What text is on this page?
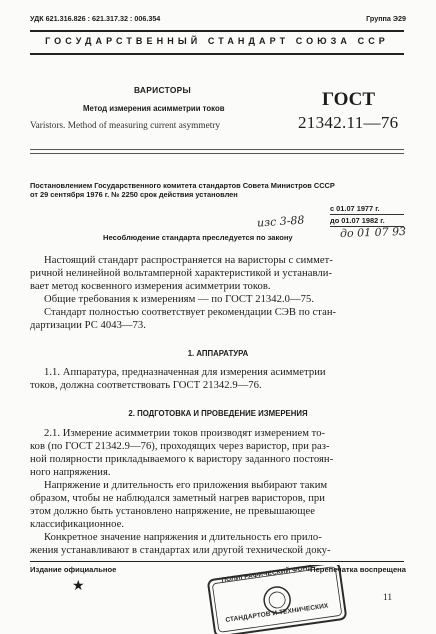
УДК 621.316.826 : 621.317.32 : 006.354	Группа Э29
ГОСУДАРСТВЕННЫЙ СТАНДАРТ СОЮЗА ССР
ВАРИСТОРЫ
Метод измерения асимметрии токов
Varistors. Method of measuring current asymmetry
ГОСТ
21342.11—76
Постановлением Государственного комитета стандартов Совета Министров СССР
от 29 сентября 1976 г. № 2250 срок действия установлен
с 01.07 1977 г.
до 01.07 1982 г.
изс 3-88
до 01 07 93
Несоблюдение стандарта преследуется по закону
Настоящий стандарт распространяется на варисторы с симмет-
ричной нелинейной вольтамперной характеристикой и устанавли-
вает метод косвенного измерения асимметрии токов.
Общие требования к измерениям — по ГОСТ 21342.0—75.
Стандарт полностью соответствует рекомендации СЭВ по стан-
дартизации РС 4043—73.
1. АППАРАТУРА
1.1. Аппаратура, предназначенная для измерения асимметрии
токов, должна соответствовать ГОСТ 21342.9—76.
2. ПОДГОТОВКА И ПРОВЕДЕНИЕ ИЗМЕРЕНИЯ
2.1. Измерение асимметрии токов производят измерением то-
ков (по ГОСТ 21342.9—76), проходящих через варистор, при раз-
ной полярности прикладываемого к варистору заданного постоян-
ного напряжения.
Напряжение и длительность его приложения выбирают таким
образом, чтобы не наблюдался заметный нагрев варисторов, при
этом должно быть установлено напряжение, не превышающее
классификационное.
Конкретное значение напряжения и длительность его прило-
жения устанавливают в стандартах или другой технической доку-
Издание официальное	Перепечатка воспрещена
★
11
ПОЛИГРАФИЧЕСКИЙ ФОНД
СТАНДАРТОВ И ТЕХНИЧЕСКИХ
